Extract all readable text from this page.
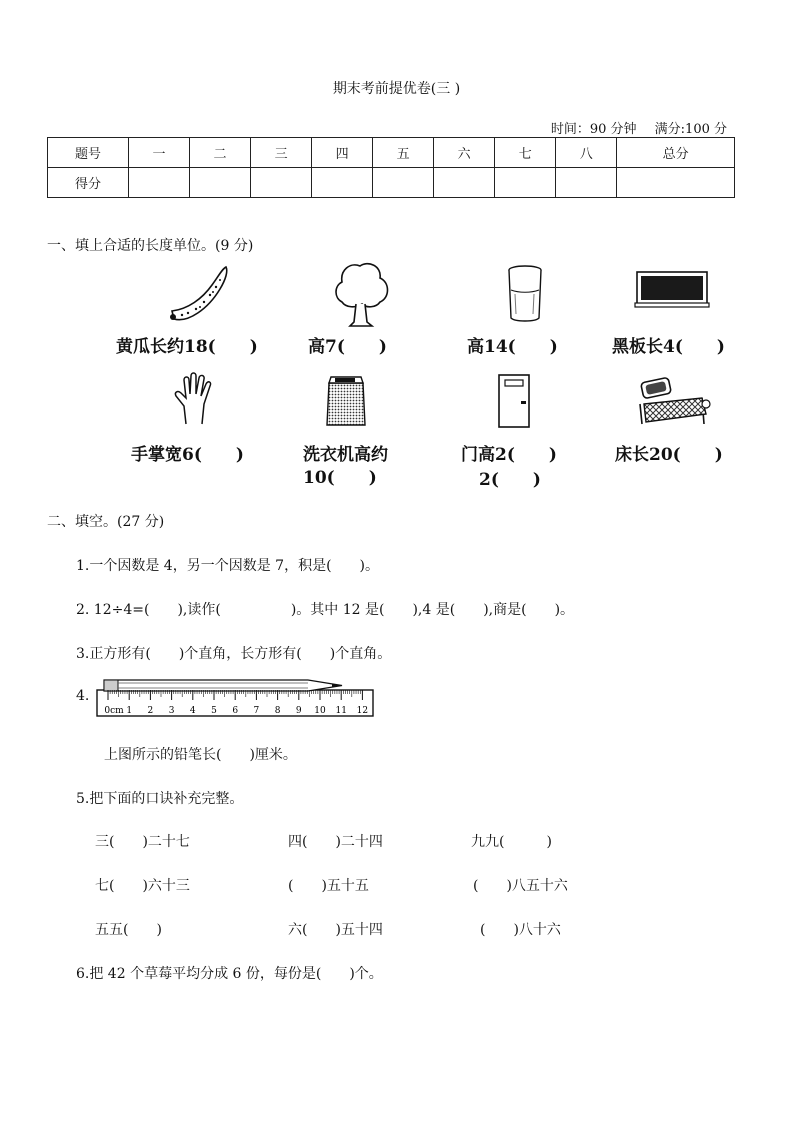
期末考前提优卷(三 )
时间：90 分钟 满分:100 分
题号	一	二	三	四	五	六	七	八	总分
得分									
一、填上合适的长度单位。(9 分)
黄瓜长约18(　　)	高7(　　)	高14(　　)	黑板长4(　　)
手掌宽6(　　)	洗衣机高约
10(　　)
门高2(　　)
2(　　)
床长20(　　)
二、填空。(27 分)
1.一个因数是 4，另一个因数是 7，积是(　　)。
2. 12÷4=(　　),读作(　　　　　)。其中 12 是(　　),4 是(　　),商是(　　)。
3.正方形有(　　)个直角，长方形有(　　)个直角。
4.
0cm 1 2 3 4 5 6 7 8 9 10 11 12
上图所示的铅笔长(　　)厘米。
5.把下面的口诀补充完整。
三(　　)二十七	四(　　)二十四	九九(　　　)
七(　　)六十三	(　　)五十五	(　　)八五十六
五五(　　)	六(　　)五十四	(　　)八十六
6.把 42 个草莓平均分成 6 份，每份是(　　)个。
